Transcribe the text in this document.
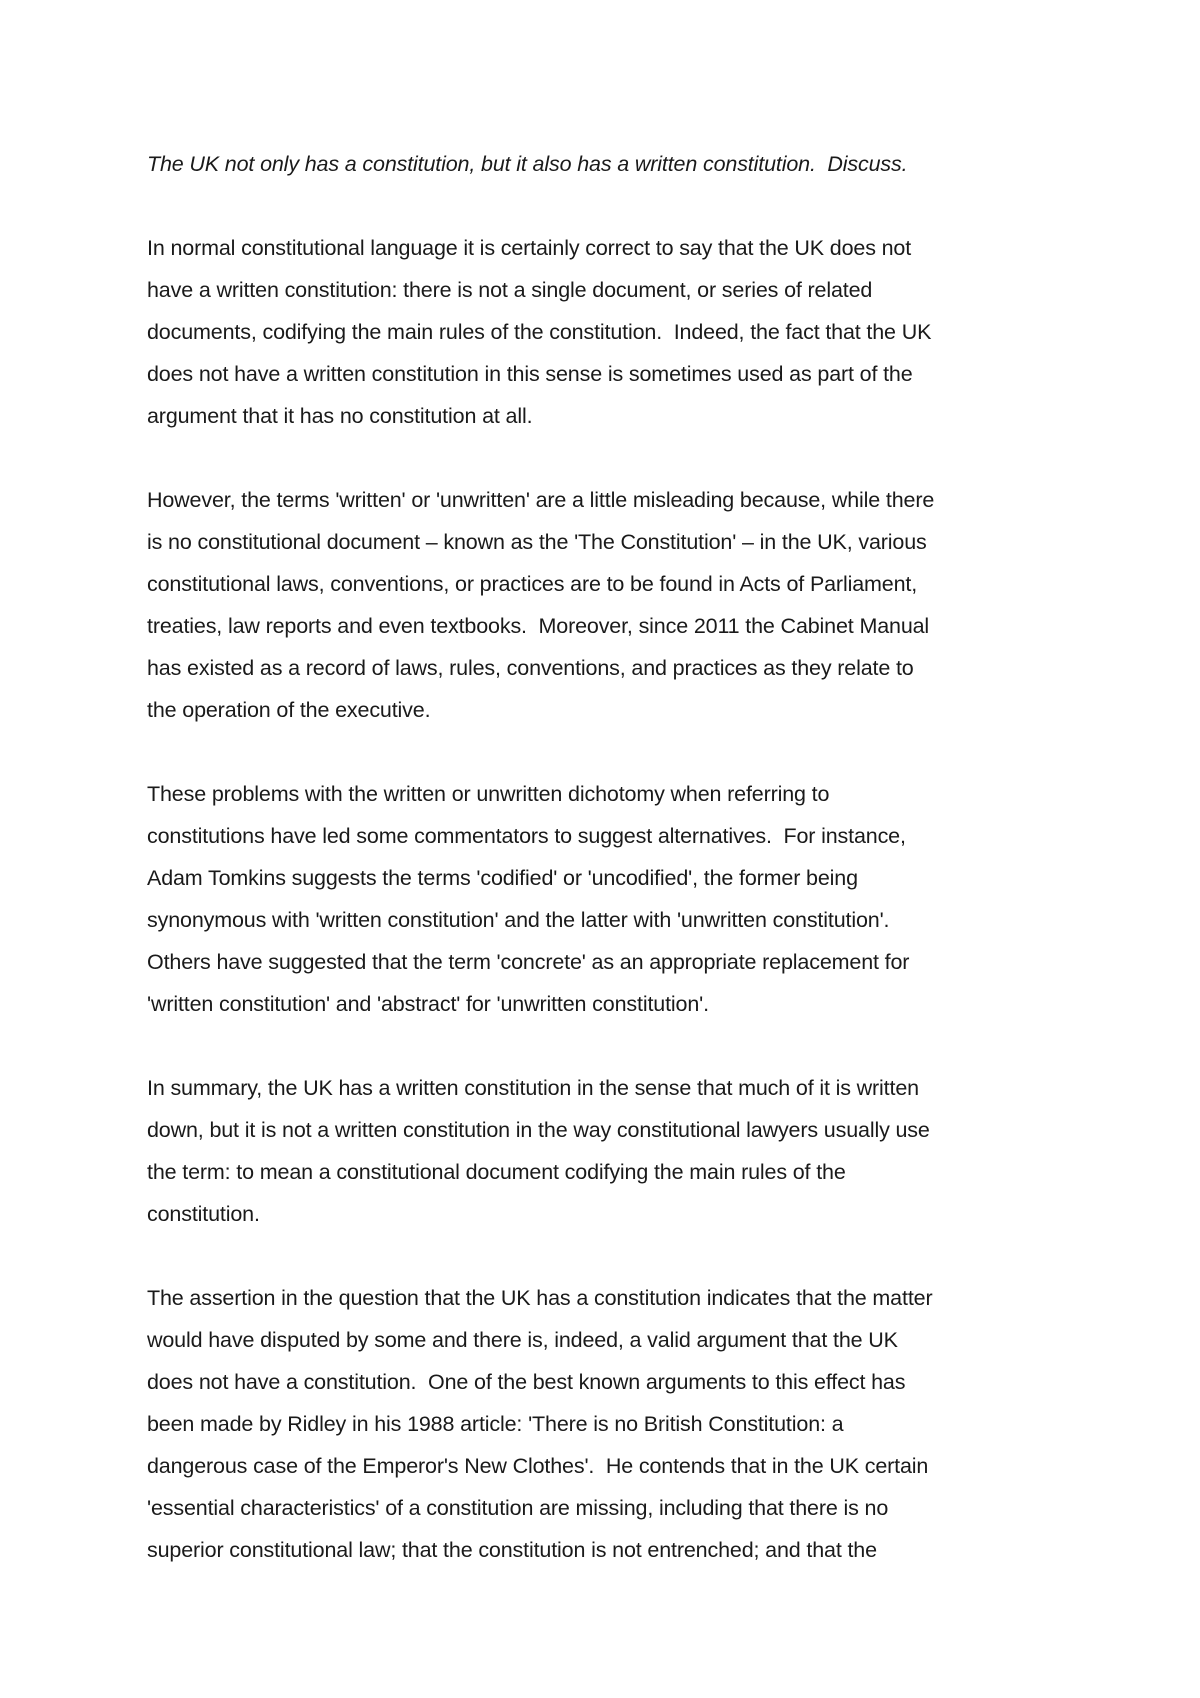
The UK not only has a constitution, but it also has a written constitution.  Discuss.

In normal constitutional language it is certainly correct to say that the UK does not
have a written constitution: there is not a single document, or series of related
documents, codifying the main rules of the constitution.  Indeed, the fact that the UK
does not have a written constitution in this sense is sometimes used as part of the
argument that it has no constitution at all.

However, the terms 'written' or 'unwritten' are a little misleading because, while there
is no constitutional document – known as the 'The Constitution' – in the UK, various
constitutional laws, conventions, or practices are to be found in Acts of Parliament,
treaties, law reports and even textbooks.  Moreover, since 2011 the Cabinet Manual
has existed as a record of laws, rules, conventions, and practices as they relate to
the operation of the executive.

These problems with the written or unwritten dichotomy when referring to
constitutions have led some commentators to suggest alternatives.  For instance,
Adam Tomkins suggests the terms 'codified' or 'uncodified', the former being
synonymous with 'written constitution' and the latter with 'unwritten constitution'.
Others have suggested that the term 'concrete' as an appropriate replacement for
'written constitution' and 'abstract' for 'unwritten constitution'.

In summary, the UK has a written constitution in the sense that much of it is written
down, but it is not a written constitution in the way constitutional lawyers usually use
the term: to mean a constitutional document codifying the main rules of the
constitution.

The assertion in the question that the UK has a constitution indicates that the matter
would have disputed by some and there is, indeed, a valid argument that the UK
does not have a constitution.  One of the best known arguments to this effect has
been made by Ridley in his 1988 article: 'There is no British Constitution: a
dangerous case of the Emperor's New Clothes'.  He contends that in the UK certain
'essential characteristics' of a constitution are missing, including that there is no
superior constitutional law; that the constitution is not entrenched; and that the
